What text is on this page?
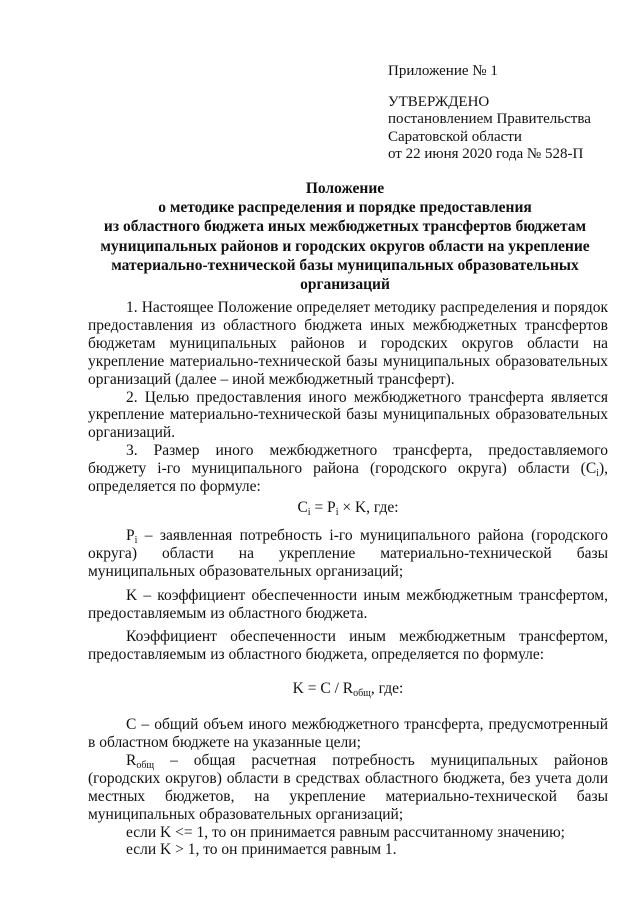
Приложение № 1
УТВЕРЖДЕНО
постановлением Правительства
Саратовской области
от 22 июня 2020 года № 528-П
Положение
о методике распределения и порядке предоставления
из областного бюджета иных межбюджетных трансфертов бюджетам
муниципальных районов и городских округов области на укрепление
материально-технической базы муниципальных образовательных
организаций
1. Настоящее Положение определяет методику распределения и порядок предоставления из областного бюджета иных межбюджетных трансфертов бюджетам муниципальных районов и городских округов области на укрепление материально-технической базы муниципальных образовательных организаций (далее – иной межбюджетный трансферт).
2. Целью предоставления иного межбюджетного трансферта является укрепление материально-технической базы муниципальных образовательных организаций.
3. Размер иного межбюджетного трансферта, предоставляемого бюджету i-го муниципального района (городского округа) области $(C_i)$, определяется по формуле:
$C_i = P_i \times K$, где:
$P_i$ – заявленная потребность i-го муниципального района (городского округа) области на укрепление материально-технической базы муниципальных образовательных организаций;
K – коэффициент обеспеченности иным межбюджетным трансфертом, предоставляемым из областного бюджета.
Коэффициент обеспеченности иным межбюджетным трансфертом, предоставляемым из областного бюджета, определяется по формуле:
$K = C / R_{общ}$, где:
C – общий объем иного межбюджетного трансферта, предусмотренный в областном бюджете на указанные цели;
$R_{общ}$ – общая расчетная потребность муниципальных районов (городских округов) области в средствах областного бюджета, без учета доли местных бюджетов, на укрепление материально-технической базы муниципальных образовательных организаций;
если K <= 1, то он принимается равным рассчитанному значению;
если K > 1, то он принимается равным 1.
